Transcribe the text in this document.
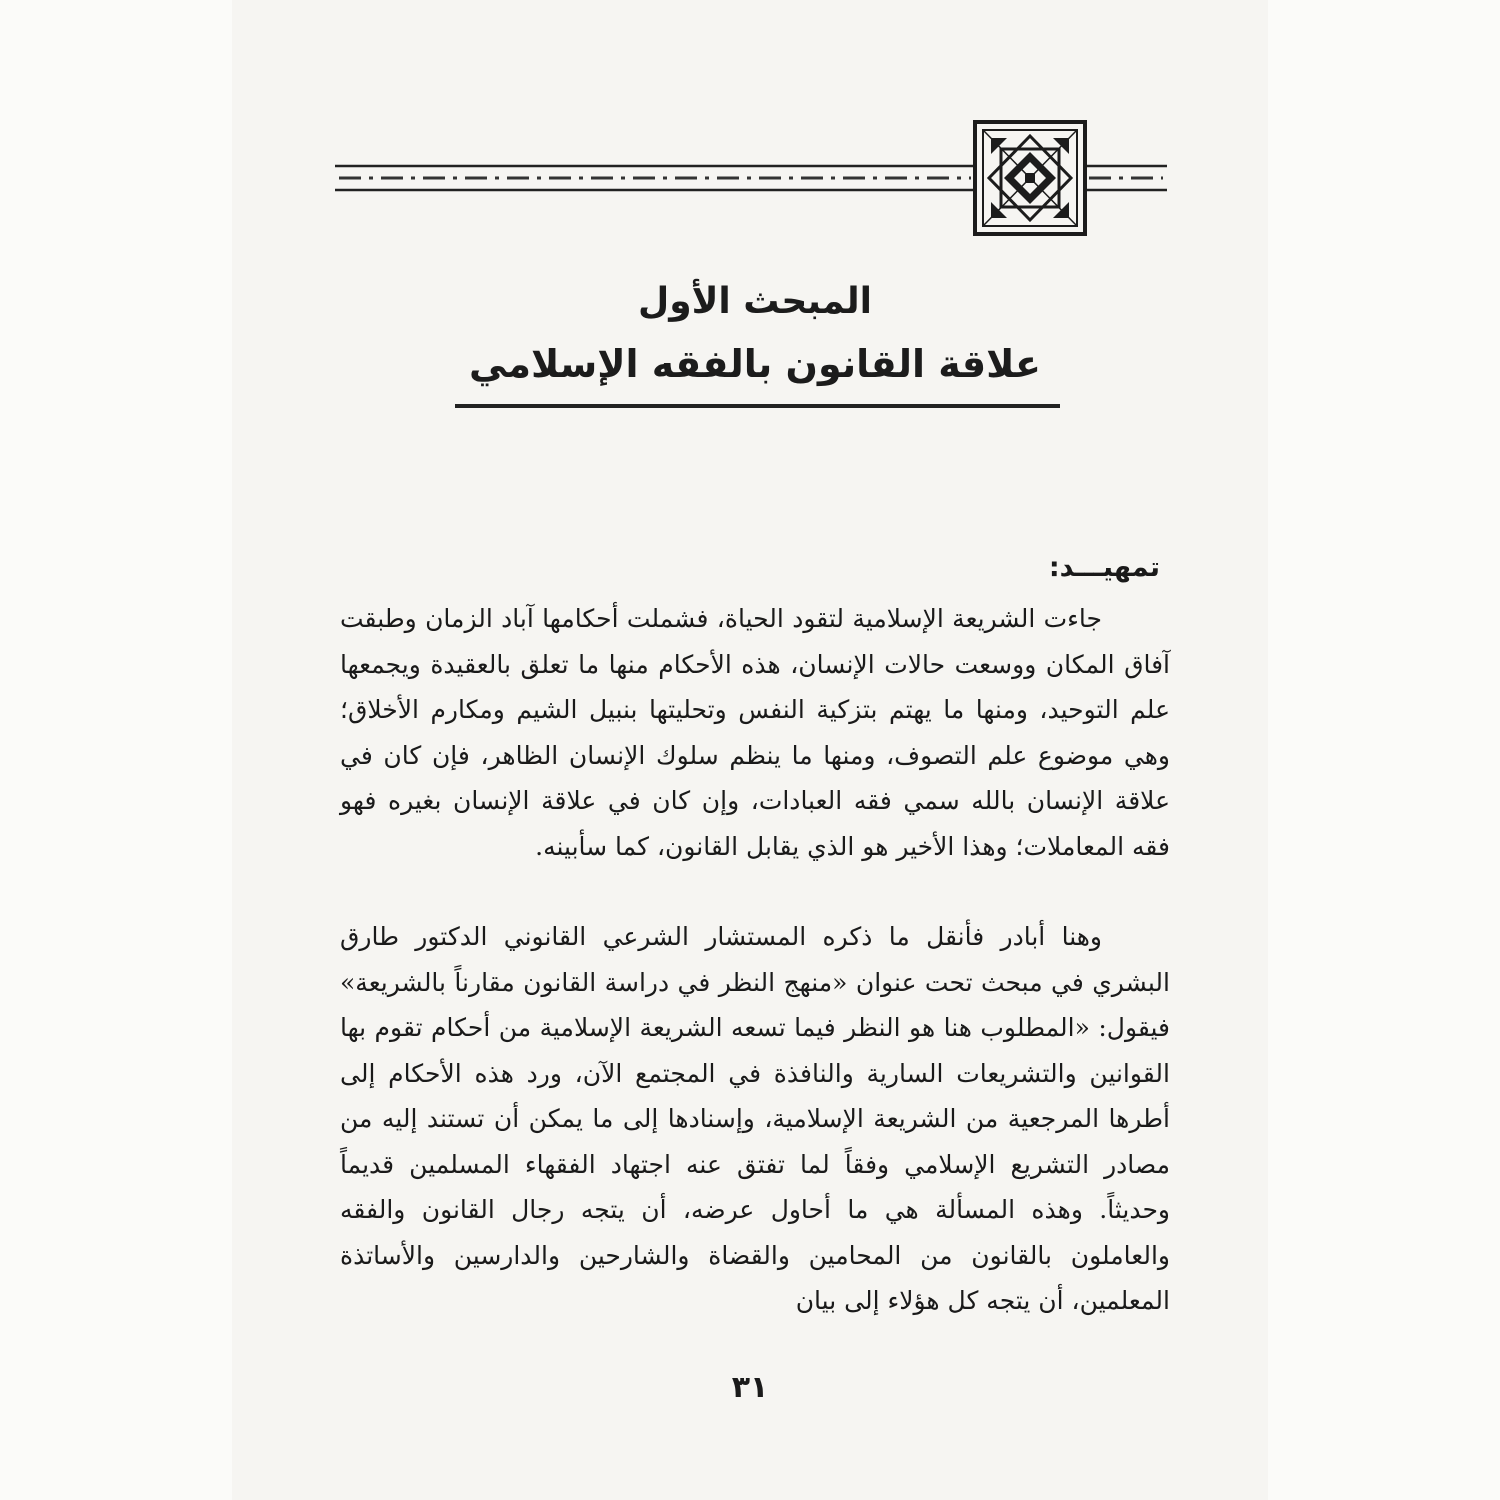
المبحث الأول
علاقة القانون بالفقه الإسلامي
تمهيـــد:

جاءت الشريعة الإسلامية لتقود الحياة، فشملت أحكامها آباد الزمان وطبقت آفاق المكان ووسعت حالات الإنسان، هذه الأحكام منها ما تعلق بالعقيدة ويجمعها علم التوحيد، ومنها ما يهتم بتزكية النفس وتحليتها بنبيل الشيم ومكارم الأخلاق؛ وهي موضوع علم التصوف، ومنها ما ينظم سلوك الإنسان الظاهر، فإن كان في علاقة الإنسان بالله سمي فقه العبادات، وإن كان في علاقة الإنسان بغيره فهو فقه المعاملات؛ وهذا الأخير هو الذي يقابل القانون، كما سأبينه.

وهنا أبادر فأنقل ما ذكره المستشار الشرعي القانوني الدكتور طارق البشري في مبحث تحت عنوان «منهج النظر في دراسة القانون مقارناً بالشريعة» فيقول: «المطلوب هنا هو النظر فيما تسعه الشريعة الإسلامية من أحكام تقوم بها القوانين والتشريعات السارية والنافذة في المجتمع الآن، ورد هذه الأحكام إلى أطرها المرجعية من الشريعة الإسلامية، وإسنادها إلى ما يمكن أن تستند إليه من مصادر التشريع الإسلامي وفقاً لما تفتق عنه اجتهاد الفقهاء المسلمين قديماً وحديثاً. وهذه المسألة هي ما أحاول عرضه، أن يتجه رجال القانون والفقه والعاملون بالقانون من المحامين والقضاة والشارحين والدارسين والأساتذة المعلمين، أن يتجه كل هؤلاء إلى بيان

٣١
